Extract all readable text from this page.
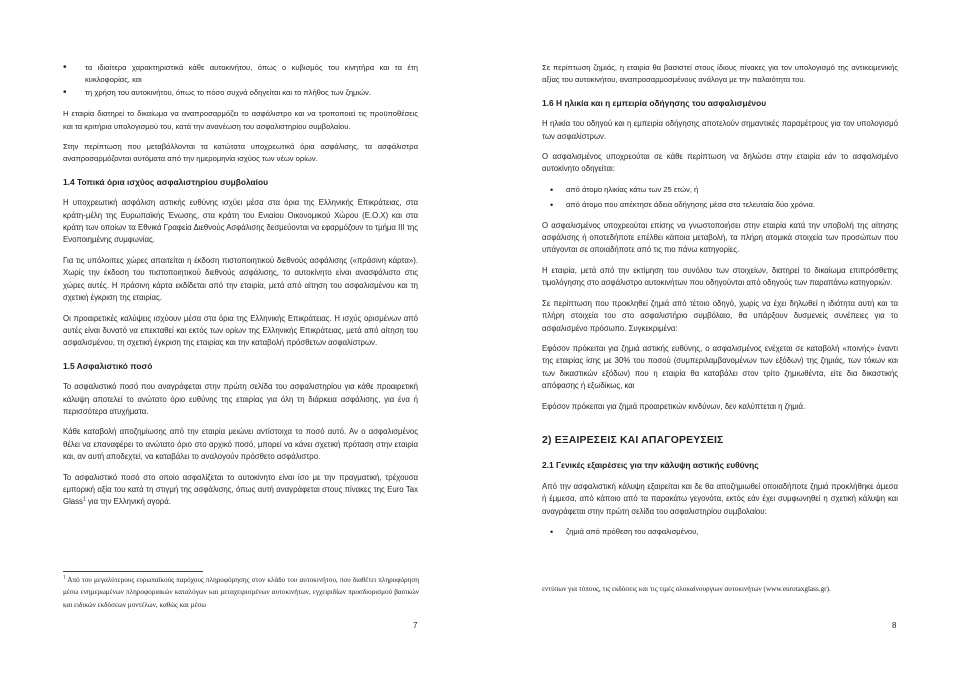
• τα ιδιαίτερα χαρακτηριστικά κάθε αυτοκινήτου, όπως ο κυβισμός του κινητήρα και τα έτη κυκλοφορίας, και

• τη χρήση του αυτοκινήτου, όπως το πόσο συχνά οδηγείται και το πλήθος των ζημιών.

Η εταιρία διατηρεί το δικαίωμα να αναπροσαρμόζει το ασφάλιστρο και να τροποποιεί τις προϋποθέσεις και τα κριτήρια υπολογισμού του, κατά την ανανέωση του ασφαλιστηρίου συμβολαίου.

Στην περίπτωση που μεταβάλλονται τα κατώτατα υποχρεωτικά όρια ασφάλισης, τα ασφάλιστρα αναπροσαρμόζονται αυτόματα από την ημερομηνία ισχύος των νέων ορίων.

1.4 Τοπικά όρια ισχύος ασφαλιστηρίου συμβολαίου

Η υποχρεωτική ασφάλιση αστικής ευθύνης ισχύει μέσα στα όρια της Ελληνικής Επικράτειας, στα κράτη-μέλη της Ευρωπαϊκής Ένωσης, στα κράτη του Ενιαίου Οικονομικού Χώρου (Ε.Ο.Χ) και στα κράτη των οποίων τα Εθνικά Γραφεία Διεθνούς Ασφάλισης δεσμεύονται να εφαρμόζουν το τμήμα ΙΙΙ της Ενοποιημένης συμφωνίας.

Για τις υπόλοιπες χώρες απαιτείται η έκδοση πιστοποιητικού διεθνούς ασφάλισης («πράσινη κάρτα»). Χωρίς την έκδοση του πιστοποιητικού διεθνούς ασφάλισης, το αυτοκίνητο είναι ανασφάλιστο στις χώρες αυτές. Η πράσινη κάρτα εκδίδεται από την εταιρία, μετά από αίτηση του ασφαλισμένου και τη σχετική έγκριση της εταιρίας.

Οι προαιρετικές καλύψεις ισχύουν μέσα στα όρια της Ελληνικής Επικράτειας. Η ισχύς ορισμένων από αυτές είναι δυνατό να επεκταθεί και εκτός των ορίων της Ελληνικής Επικράτειας, μετά από αίτηση του ασφαλισμένου, τη σχετική έγκριση της εταιρίας και την καταβολή πρόσθετων ασφαλίστρων.

1.5 Ασφαλιστικό ποσό

Το ασφαλιστικό ποσό που αναγράφεται στην πρώτη σελίδα του ασφαλιστηρίου για κάθε προαιρετική κάλυψη αποτελεί το ανώτατο όριο ευθύνης της εταιρίας για όλη τη διάρκεια ασφάλισης, για ένα ή περισσότερα ατυχήματα.

Κάθε καταβολή αποζημίωσης από την εταιρία μειώνει αντίστοιχα το ποσό αυτό. Αν ο ασφαλισμένος θέλει να επαναφέρει το ανώτατο όριο στο αρχικό ποσό, μπορεί να κάνει σχετική πρόταση στην εταιρία και, αν αυτή αποδεχτεί, να καταβάλει το αναλογούν πρόσθετο ασφάλιστρο.

Το ασφαλιστικό ποσό στο οποίο ασφαλίζεται το αυτοκίνητο είναι ίσο με την πραγματική, τρέχουσα εμπορική αξία του κατά τη στιγμή της ασφάλισης, όπως αυτή αναγράφεται στους πίνακες της Euro Tax Glass$^1$ για την Ελληνική αγορά.

$^1$ Από του μεγαλύτερους ευρωπαϊκούς παρόχους πληροφόρησης στον κλάδο του αυτοκινήτου, που διαθέτει πληροφόρηση μέσω ενημερωμένων πληροφοριακών καταλόγων και μεταχειρισμένων αυτοκινήτων, εγχειριδίων προσδιορισμού βασικών και ειδικών εκδόσεων μοντέλων, καθώς και μέσω
7

Σε περίπτωση ζημιάς, η εταιρία θα βασιστεί στους ίδιους πίνακες για τον υπολογισμό της αντικειμενικής αξίας του αυτοκινήτου, αναπροσαρμοσμένους ανάλογα με την παλαιότητα του.

1.6 Η ηλικία και η εμπειρία οδήγησης του ασφαλισμένου

Η ηλικία του οδηγού και η εμπειρία οδήγησης αποτελούν σημαντικές παραμέτρους για τον υπολογισμό των ασφαλίστρων.

Ο ασφαλισμένος υποχρεούται σε κάθε περίπτωση να δηλώσει στην εταιρία εάν το ασφαλισμένο αυτοκίνητο οδηγείται:

• από άτομο ηλικίας κάτω των 25 ετών, ή

• από άτομο που απέκτησε άδεια οδήγησης μέσα στα τελευταία δύο χρόνια.

Ο ασφαλισμένος υποχρεούται επίσης να γνωστοποιήσει στην εταιρία κατά την υποβολή της αίτησης ασφάλισης ή οποτεδήποτε επέλθει κάποια μεταβολή, τα πλήρη ατομικά στοιχεία των προσώπων που υπάγονται σε οποιαδήποτε από τις πιο πάνω κατηγορίες.

Η εταιρία, μετά από την εκτίμηση του συνόλου των στοιχείων, διατηρεί το δικαίωμα επιπρόσθετης τιμολόγησης στο ασφάλιστρο αυτοκινήτων που οδηγούνται από οδηγούς των παραπάνω κατηγοριών.

Σε περίπτωση που προκληθεί ζημιά από τέτοιο οδηγό, χωρίς να έχει δηλωθεί η ιδιότητα αυτή και τα πλήρη στοιχεία του στο ασφαλιστήριο συμβόλαιο, θα υπάρξουν δυσμενείς συνέπειες για το ασφαλισμένο πρόσωπο. Συγκεκριμένα:

Εφόσον πρόκειται για ζημιά αστικής ευθύνης, ο ασφαλισμένος ενέχεται σε καταβολή «ποινής» έναντι της εταιρίας ίσης με 30% του ποσού (συμπεριλαμβανομένων των εξόδων) της ζημιάς, των τόκων και των δικαστικών εξόδων) που η εταιρία θα καταβάλει στον τρίτο ζημιωθέντα, είτε δια δικαστικής απόφασης ή εξωδίκως, και

Εφόσον πρόκειται για ζημιά προαιρετικών κινδύνων, δεν καλύπτεται η ζημιά.

2) ΕΞΑΙΡΕΣΕΙΣ ΚΑΙ ΑΠΑΓΟΡΕΥΣΕΙΣ
2.1 Γενικές εξαιρέσεις για την κάλυψη αστικής ευθύνης

Από την ασφαλιστική κάλυψη εξαιρείται και δε θα αποζημιωθεί οποιαδήποτε ζημιά προκλήθηκε άμεσα ή έμμεσα, από κάποιο από τα παρακάτω γεγονότα, εκτός εάν έχει συμφωνηθεί η σχετική κάλυψη και αναγράφεται στην πρώτη σελίδα του ασφαλιστηρίου συμβολαίου:

• ζημιά από πρόθεση του ασφαλισμένου,

εντύπων για τύπους, τις εκδόσεις και τις τιμές ολοκαίνουργιων αυτοκινήτων (www.eurotaxglass.gr).
8
